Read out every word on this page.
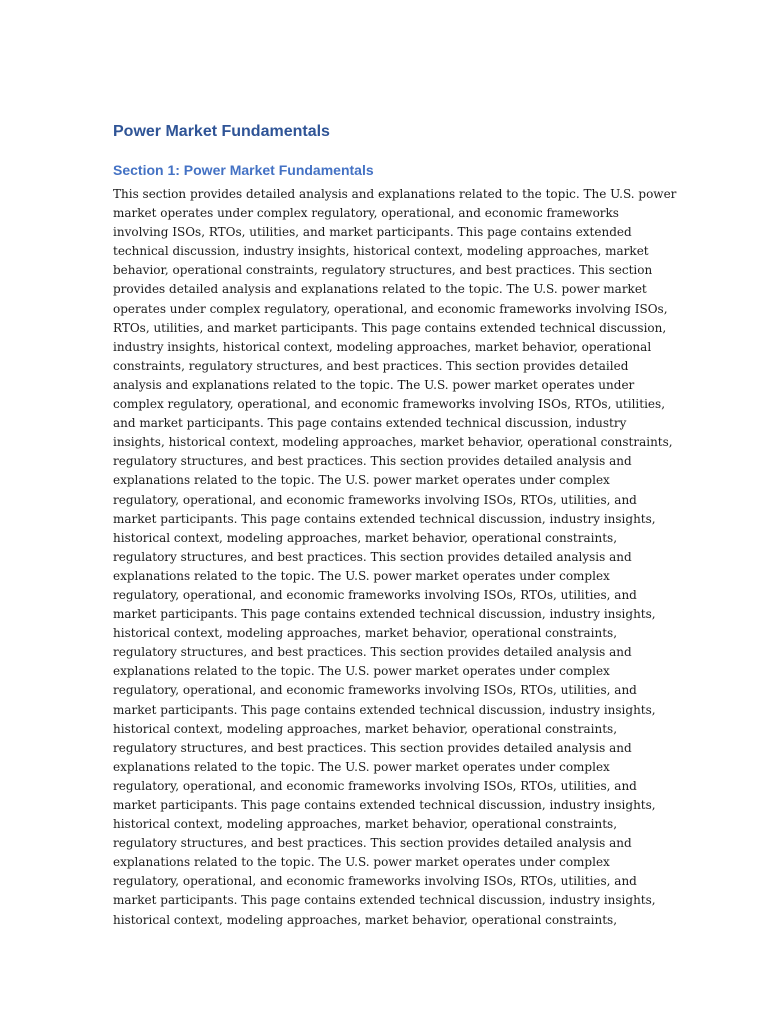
Power Market Fundamentals
Section 1: Power Market Fundamentals
This section provides detailed analysis and explanations related to the topic. The U.S. power
market operates under complex regulatory, operational, and economic frameworks
involving ISOs, RTOs, utilities, and market participants. This page contains extended
technical discussion, industry insights, historical context, modeling approaches, market
behavior, operational constraints, regulatory structures, and best practices. This section
provides detailed analysis and explanations related to the topic. The U.S. power market
operates under complex regulatory, operational, and economic frameworks involving ISOs,
RTOs, utilities, and market participants. This page contains extended technical discussion,
industry insights, historical context, modeling approaches, market behavior, operational
constraints, regulatory structures, and best practices. This section provides detailed
analysis and explanations related to the topic. The U.S. power market operates under
complex regulatory, operational, and economic frameworks involving ISOs, RTOs, utilities,
and market participants. This page contains extended technical discussion, industry
insights, historical context, modeling approaches, market behavior, operational constraints,
regulatory structures, and best practices. This section provides detailed analysis and
explanations related to the topic. The U.S. power market operates under complex
regulatory, operational, and economic frameworks involving ISOs, RTOs, utilities, and
market participants. This page contains extended technical discussion, industry insights,
historical context, modeling approaches, market behavior, operational constraints,
regulatory structures, and best practices. This section provides detailed analysis and
explanations related to the topic. The U.S. power market operates under complex
regulatory, operational, and economic frameworks involving ISOs, RTOs, utilities, and
market participants. This page contains extended technical discussion, industry insights,
historical context, modeling approaches, market behavior, operational constraints,
regulatory structures, and best practices. This section provides detailed analysis and
explanations related to the topic. The U.S. power market operates under complex
regulatory, operational, and economic frameworks involving ISOs, RTOs, utilities, and
market participants. This page contains extended technical discussion, industry insights,
historical context, modeling approaches, market behavior, operational constraints,
regulatory structures, and best practices. This section provides detailed analysis and
explanations related to the topic. The U.S. power market operates under complex
regulatory, operational, and economic frameworks involving ISOs, RTOs, utilities, and
market participants. This page contains extended technical discussion, industry insights,
historical context, modeling approaches, market behavior, operational constraints,
regulatory structures, and best practices. This section provides detailed analysis and
explanations related to the topic. The U.S. power market operates under complex
regulatory, operational, and economic frameworks involving ISOs, RTOs, utilities, and
market participants. This page contains extended technical discussion, industry insights,
historical context, modeling approaches, market behavior, operational constraints,
